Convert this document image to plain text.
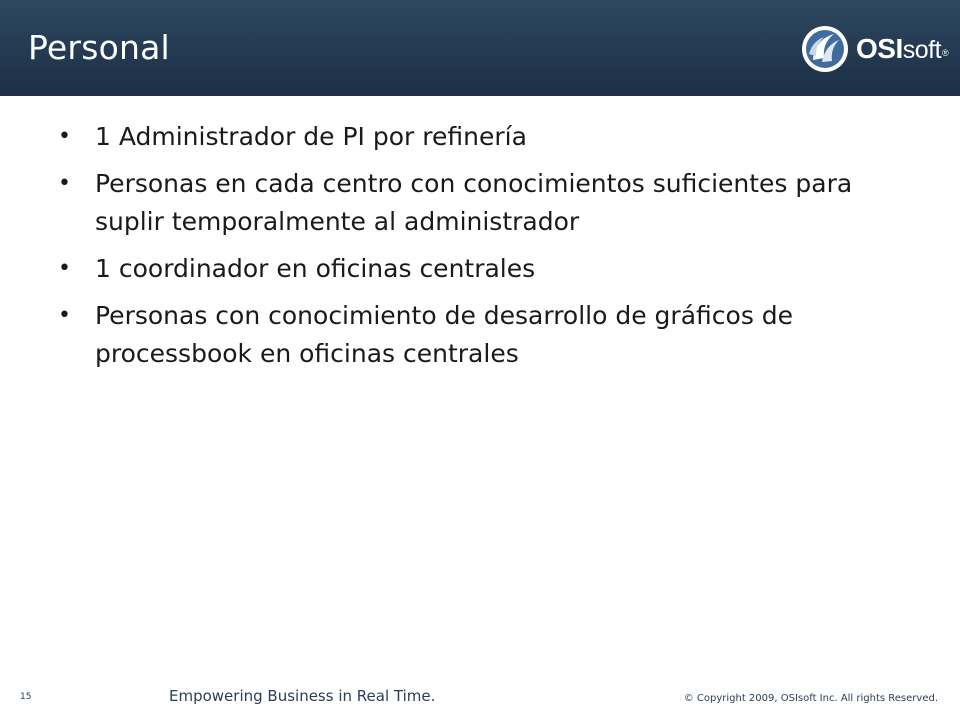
Personal	OSIsoft®
• 1 Administrador de PI por refinería
• Personas en cada centro con conocimientos suficientes para suplir temporalmente al administrador
• 1 coordinador en oficinas centrales
• Personas con conocimiento de desarrollo de gráficos de processbook en oficinas centrales
15	Empowering Business in Real Time.	© Copyright 2009, OSIsoft Inc. All rights Reserved.
